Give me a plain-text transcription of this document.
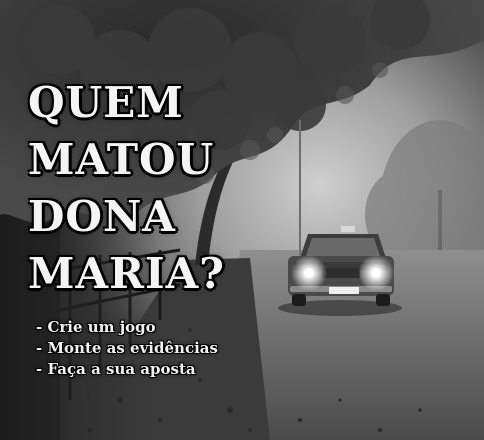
QUEM
MATOU
DONA
MARIA?
- Crie um jogo
- Monte as evidências
- Faça a sua aposta
